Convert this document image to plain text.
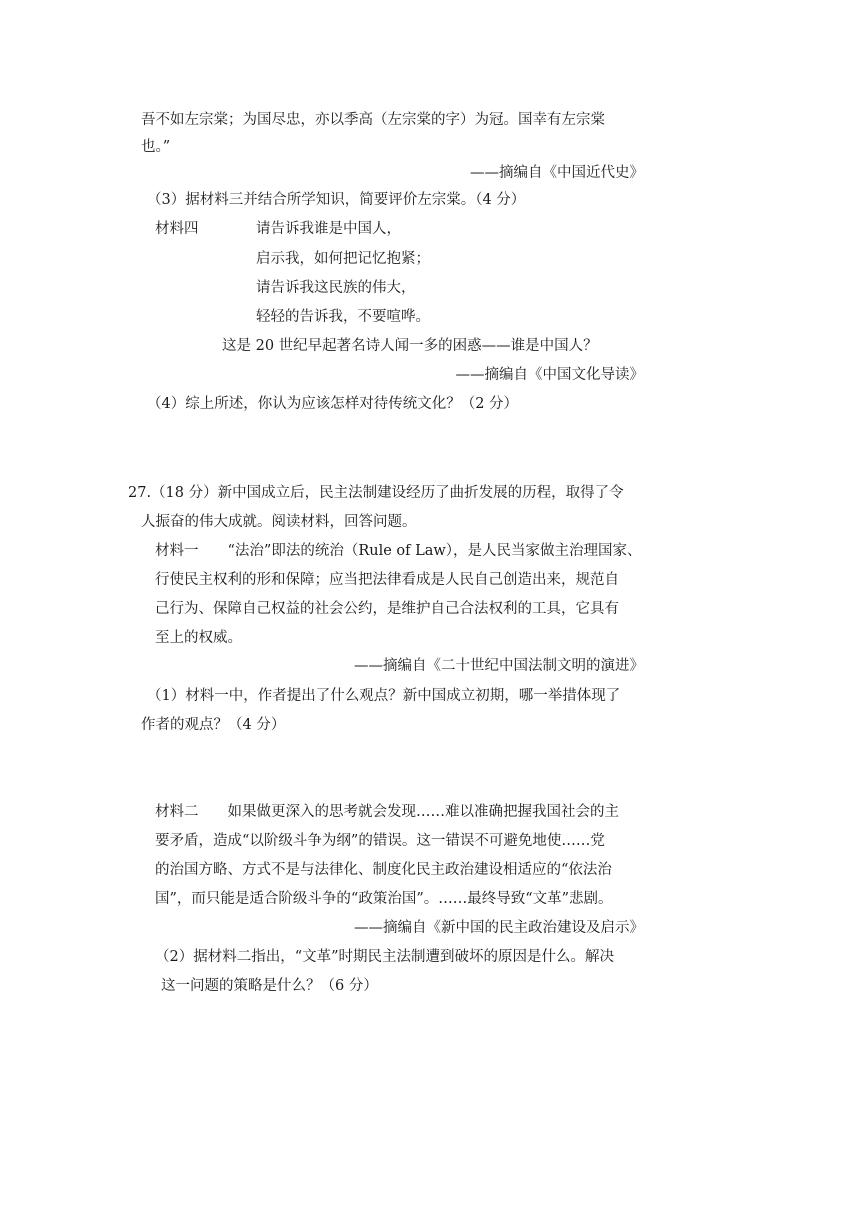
吾不如左宗棠；为国尽忠，亦以季高（左宗棠的字）为冠。国幸有左宗棠

也。”

——摘编自《中国近代史》

（3）据材料三并结合所学知识，简要评价左宗棠。（4 分）

材料四	请告诉我谁是中国人，

启示我，如何把记忆抱紧；

请告诉我这民族的伟大，

轻轻的告诉我，不要喧哗。

这是 20 世纪早起著名诗人闻一多的困惑——谁是中国人？

——摘编自《中国文化导读》

（4）综上所述，你认为应该怎样对待传统文化？（2 分）

27.（18 分）新中国成立后，民主法制建设经历了曲折发展的历程，取得了令

人振奋的伟大成就。阅读材料，回答问题。

材料一　　“法治”即法的统治（Rule of Law），是人民当家做主治理国家、

行使民主权利的形和保障；应当把法律看成是人民自己创造出来，规范自

己行为、保障自己权益的社会公约，是维护自己合法权利的工具，它具有

至上的权威。

——摘编自《二十世纪中国法制文明的演进》

（1）材料一中，作者提出了什么观点？新中国成立初期，哪一举措体现了

作者的观点？（4 分）

材料二　　如果做更深入的思考就会发现……难以准确把握我国社会的主

要矛盾，造成“以阶级斗争为纲”的错误。这一错误不可避免地使……党

的治国方略、方式不是与法律化、制度化民主政治建设相适应的“依法治

国”，而只能是适合阶级斗争的“政策治国”。……最终导致“文革”悲剧。

——摘编自《新中国的民主政治建设及启示》

（2）据材料二指出，“文革”时期民主法制遭到破坏的原因是什么。解决

这一问题的策略是什么？（6 分）
